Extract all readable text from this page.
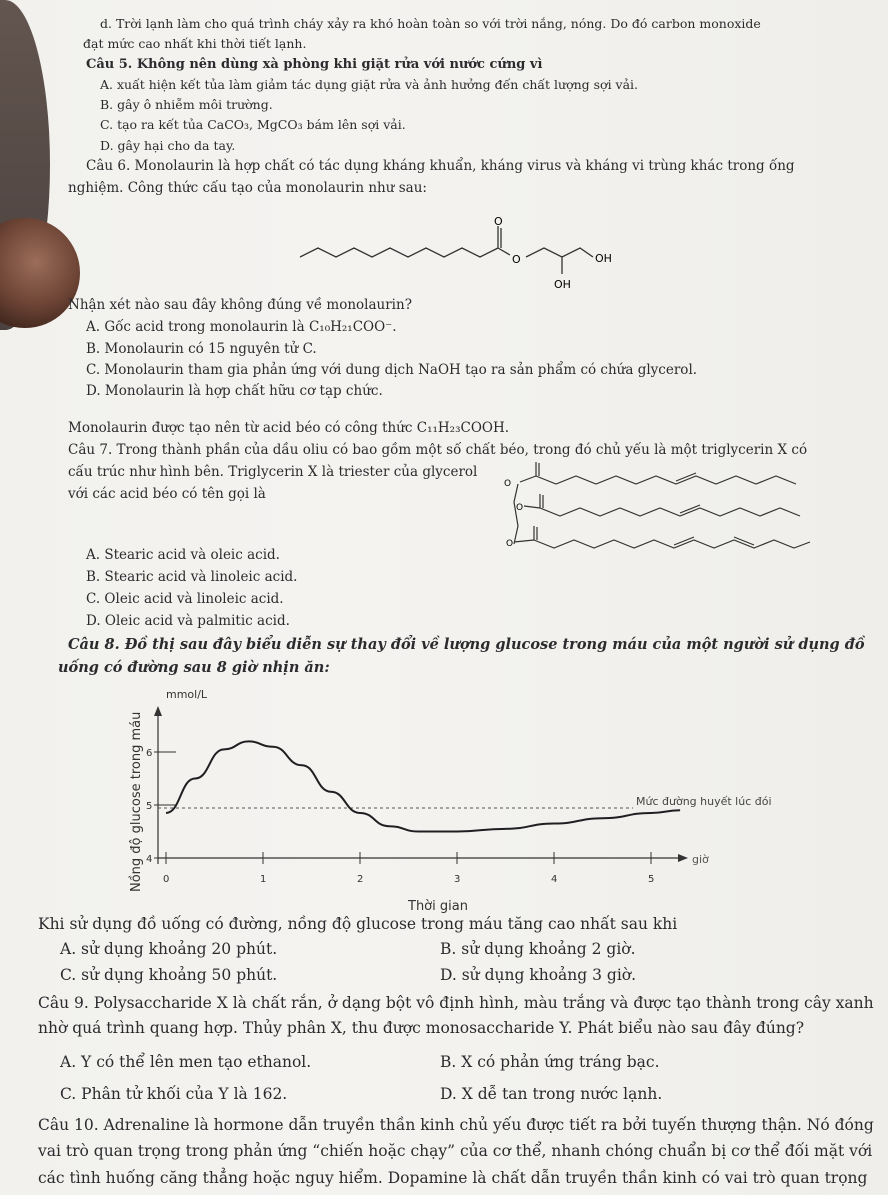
d. Trời lạnh làm cho quá trình cháy xảy ra khó hoàn toàn so với trời nắng, nóng. Do đó carbon monoxide
đạt mức cao nhất khi thời tiết lạnh.
Câu 5. Không nên dùng xà phòng khi giặt rửa với nước cứng vì
A. xuất hiện kết tủa làm giảm tác dụng giặt rửa và ảnh hưởng đến chất lượng sợi vải.
B. gây ô nhiễm môi trường.
C. tạo ra kết tủa CaCO₃, MgCO₃ bám lên sợi vải.
D. gây hại cho da tay.
Câu 6. Monolaurin là hợp chất có tác dụng kháng khuẩn, kháng virus và kháng vi trùng khác trong ống
nghiệm. Công thức cấu tạo của monolaurin như sau:
O
O	OH
OH
Nhận xét nào sau đây không đúng về monolaurin?
A. Gốc acid trong monolaurin là C₁₀H₂₁COO⁻.
B. Monolaurin có 15 nguyên tử C.
C. Monolaurin tham gia phản ứng với dung dịch NaOH tạo ra sản phẩm có chứa glycerol.
D. Monolaurin là hợp chất hữu cơ tạp chức.
Monolaurin được tạo nên từ acid béo có công thức C₁₁H₂₃COOH.
Câu 7. Trong thành phần của dầu oliu có bao gồm một số chất béo, trong đó chủ yếu là một triglycerin X có
cấu trúc như hình bên. Triglycerin X là triester của glycerol
với các acid béo có tên gọi là
O
O
O
A. Stearic acid và oleic acid.
B. Stearic acid và linoleic acid.
C. Oleic acid và linoleic acid.
D. Oleic acid và palmitic acid.
Câu 8. Đồ thị sau đây biểu diễn sự thay đổi về lượng glucose trong máu của một người sử dụng đồ
uống có đường sau 8 giờ nhịn ăn:
mmol/L
Nồng độ glucose trong máu	giờ
Mức đường huyết lúc đói
4
5
6
0	1	2	3	4	5
Thời gian
Khi sử dụng đồ uống có đường, nồng độ glucose trong máu tăng cao nhất sau khi
A. sử dụng khoảng 20 phút.	B. sử dụng khoảng 2 giờ.
C. sử dụng khoảng 50 phút.	D. sử dụng khoảng 3 giờ.
Câu 9. Polysaccharide X là chất rắn, ở dạng bột vô định hình, màu trắng và được tạo thành trong cây xanh
nhờ quá trình quang hợp. Thủy phân X, thu được monosaccharide Y. Phát biểu nào sau đây đúng?
A. Y có thể lên men tạo ethanol.	B. X có phản ứng tráng bạc.
C. Phân tử khối của Y là 162.	D. X dễ tan trong nước lạnh.
Câu 10. Adrenaline là hormone dẫn truyền thần kinh chủ yếu được tiết ra bởi tuyến thượng thận. Nó đóng
vai trò quan trọng trong phản ứng “chiến hoặc chạy” của cơ thể, nhanh chóng chuẩn bị cơ thể đối mặt với
các tình huống căng thẳng hoặc nguy hiểm. Dopamine là chất dẫn truyền thần kinh có vai trò quan trọng
